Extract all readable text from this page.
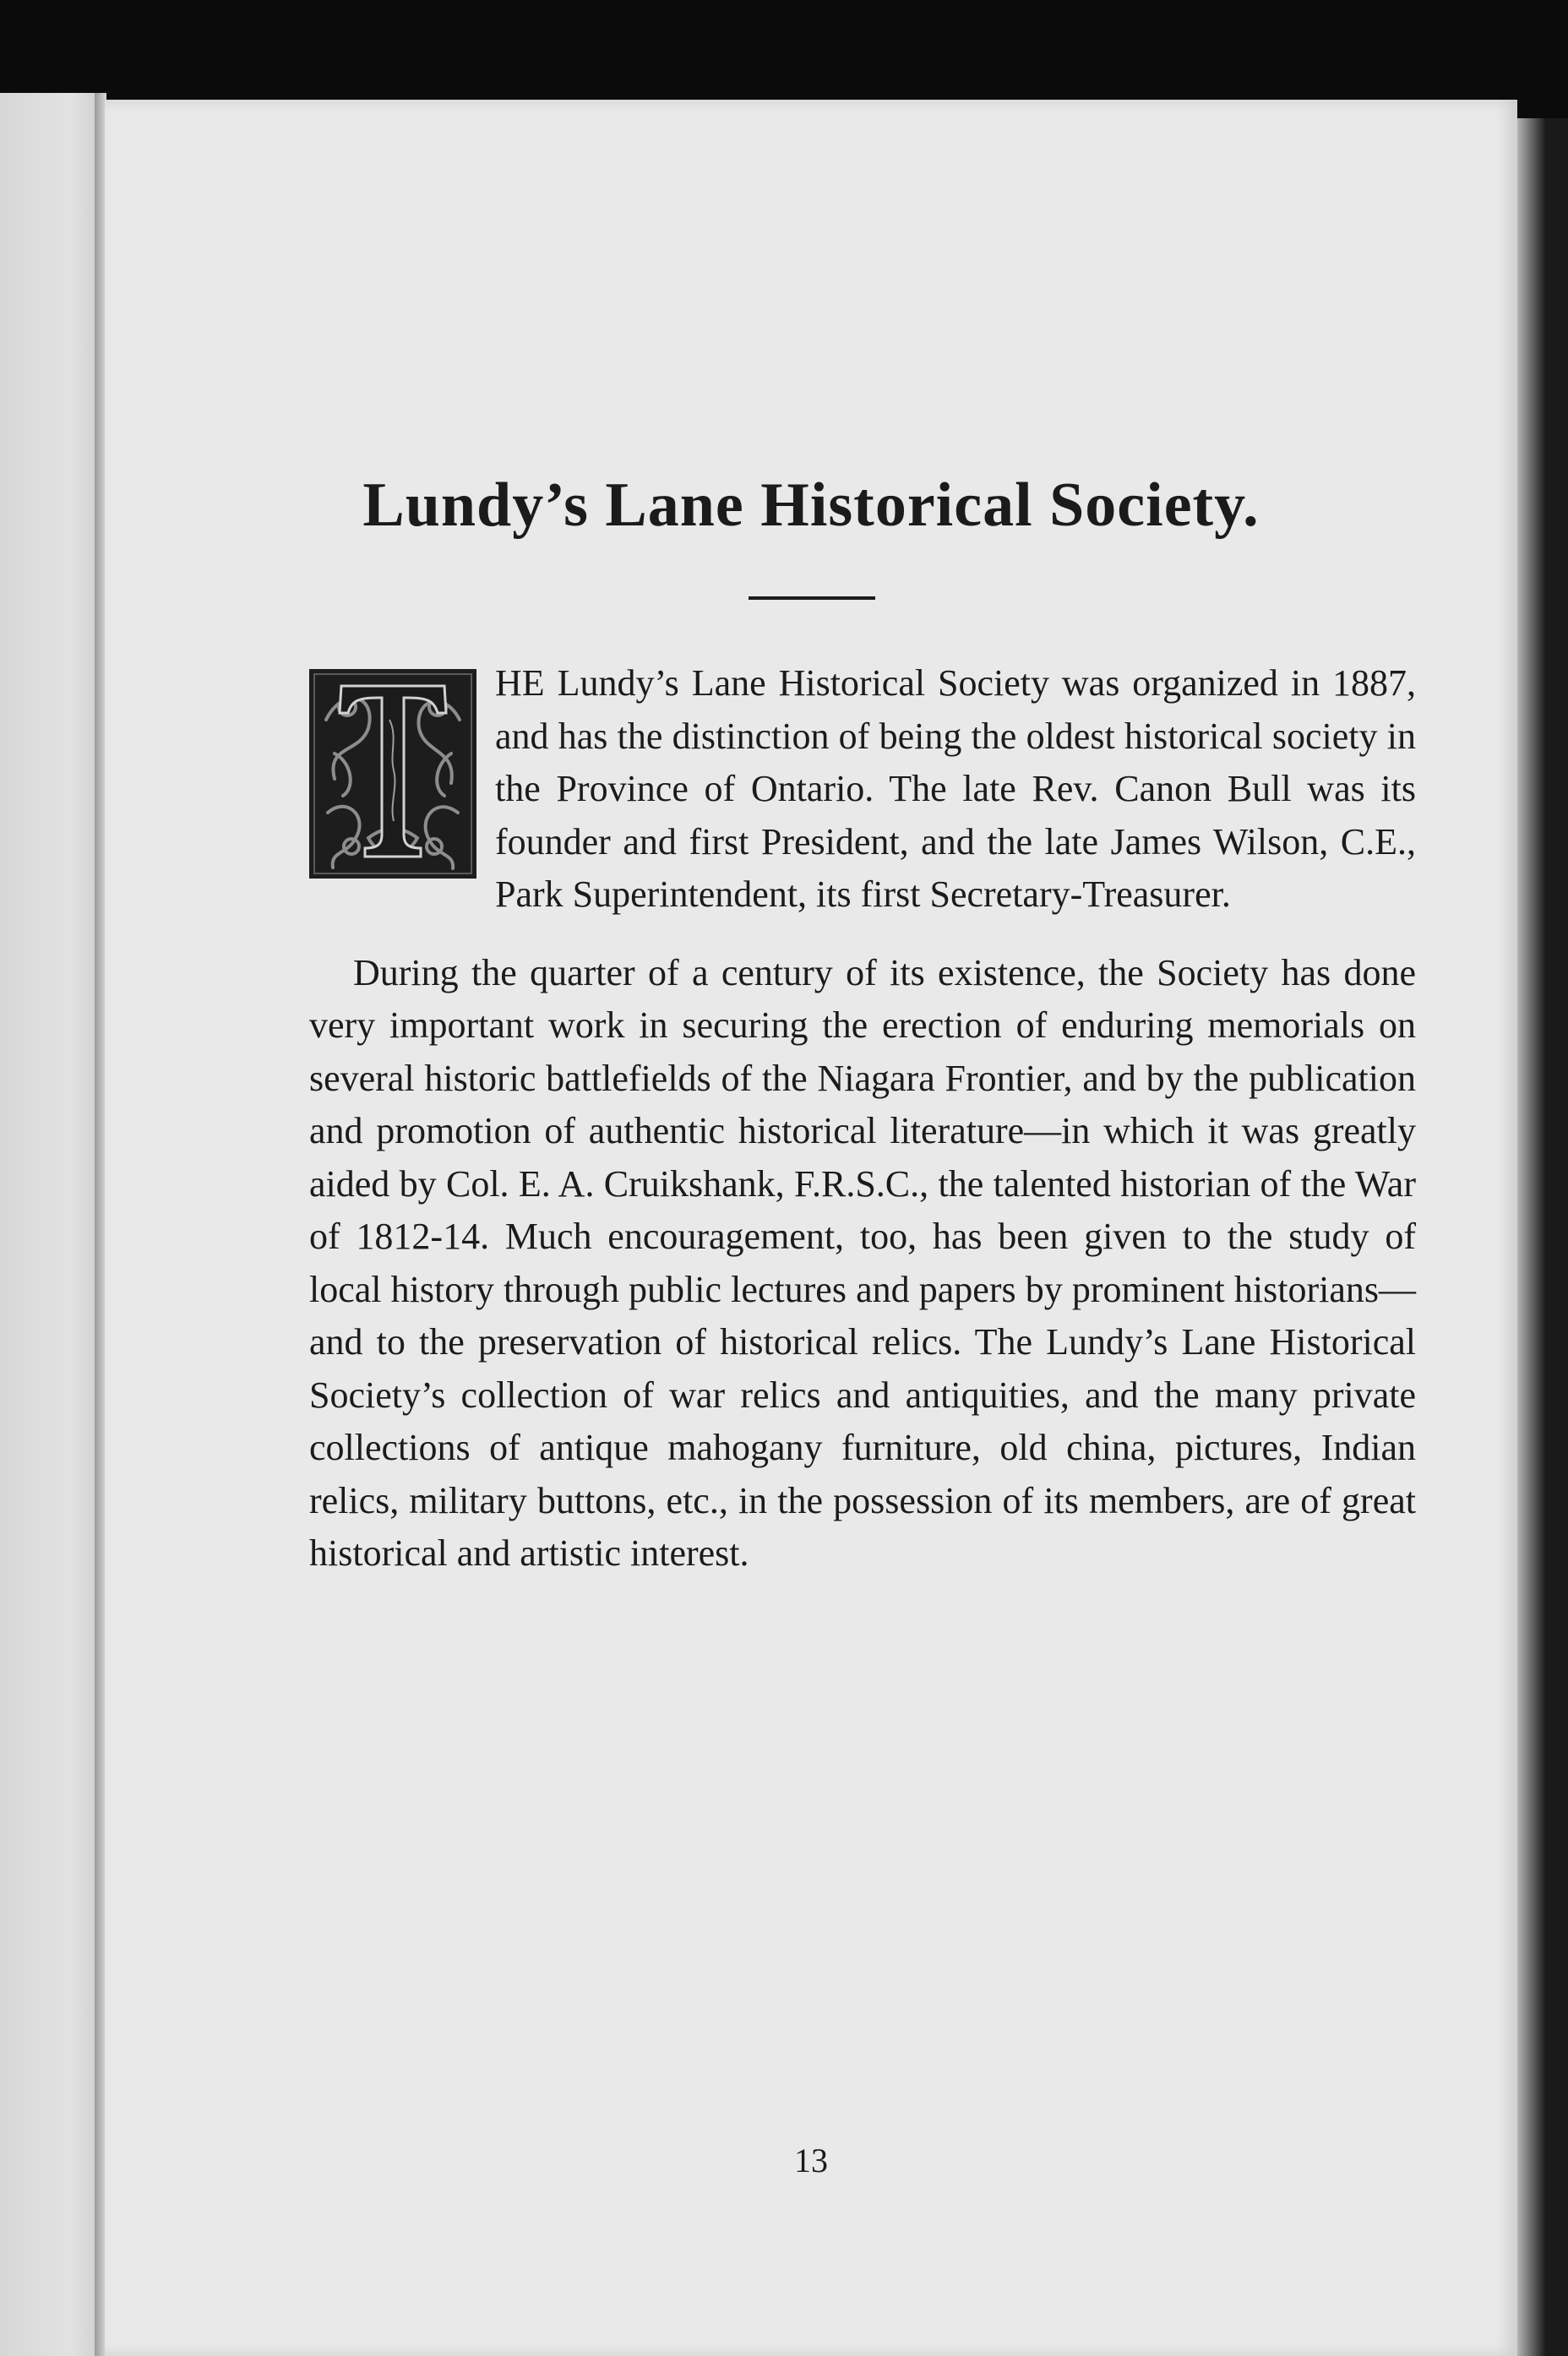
Lundy’s Lane Historical Society.

HE Lundy’s Lane Historical Society was organized in 1887, and has the distinction of being the oldest historical society in the Province of Ontario. The late Rev. Canon Bull was its founder and first President, and the late James Wilson, C.E., Park Superintendent, its first Secretary-Treasurer.

During the quarter of a century of its existence, the Society has done very important work in securing the erection of enduring memorials on several historic battlefields of the Niagara Frontier, and by the publication and promotion of authentic historical literature—in which it was greatly aided by Col. E. A. Cruikshank, F.R.S.C., the talented historian of the War of 1812-14. Much encouragement, too, has been given to the study of local history through public lectures and papers by prominent historians—and to the preservation of historical relics. The Lundy’s Lane Historical Society’s collection of war relics and antiquities, and the many private collections of antique mahogany furniture, old china, pictures, Indian relics, military buttons, etc., in the possession of its members, are of great historical and artistic interest.

13
